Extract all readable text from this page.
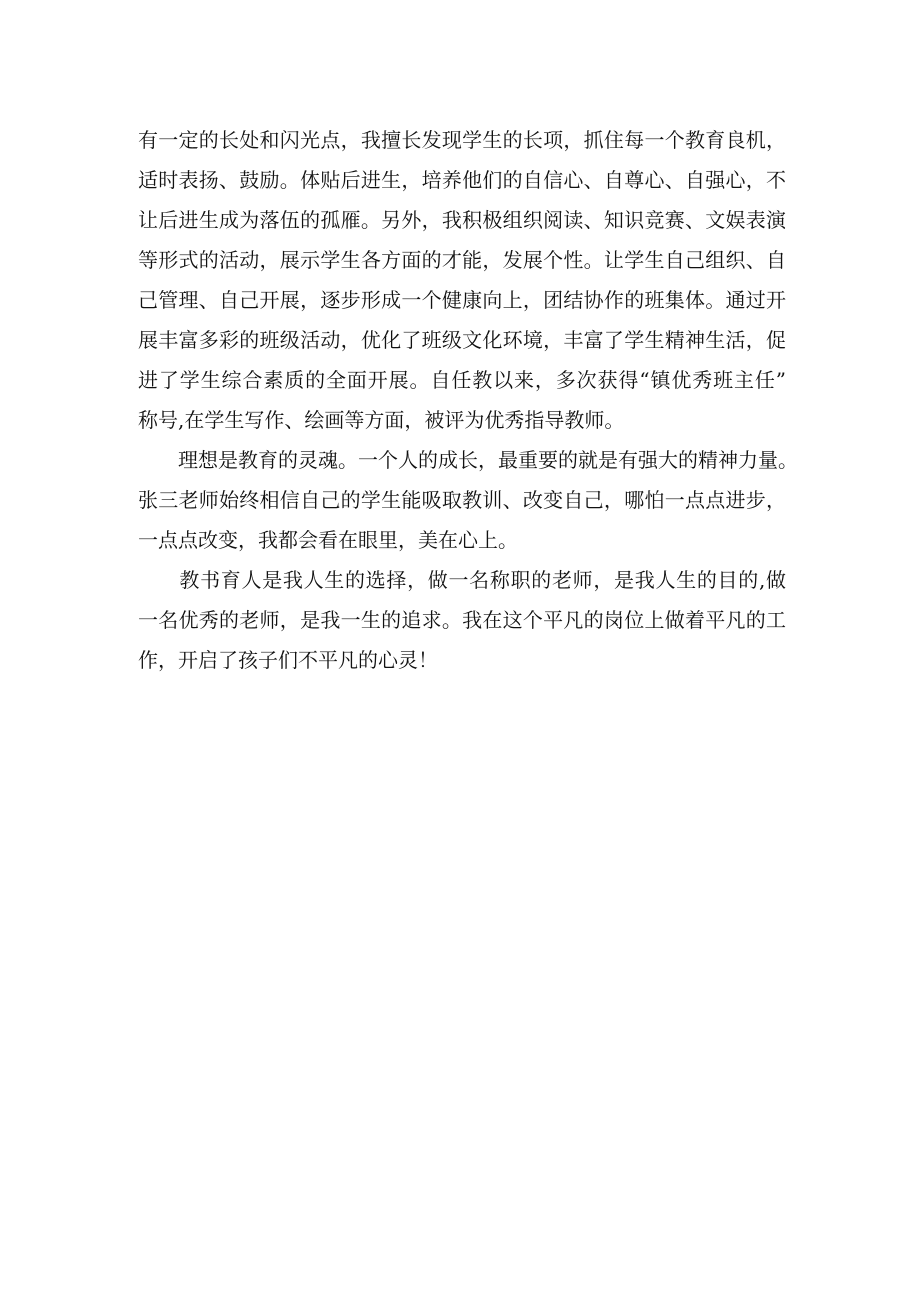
有一定的长处和闪光点，我擅长发现学生的长项，抓住每一个教育良机，
适时表扬、鼓励。体贴后进生，培养他们的自信心、自尊心、自强心，不
让后进生成为落伍的孤雁。另外，我积极组织阅读、知识竞赛、文娱表演
等形式的活动，展示学生各方面的才能，发展个性。让学生自己组织、自
己管理、自己开展，逐步形成一个健康向上，团结协作的班集体。通过开
展丰富多彩的班级活动，优化了班级文化环境，丰富了学生精神生活，促
进了学生综合素质的全面开展。自任教以来，多次获得“镇优秀班主任”
称号,在学生写作、绘画等方面，被评为优秀指导教师。
　　理想是教育的灵魂。一个人的成长，最重要的就是有强大的精神力量。
张三老师始终相信自己的学生能吸取教训、改变自己，哪怕一点点进步，
一点点改变，我都会看在眼里，美在心上。
　　教书育人是我人生的选择，做一名称职的老师，是我人生的目的,做
一名优秀的老师，是我一生的追求。我在这个平凡的岗位上做着平凡的工
作，开启了孩子们不平凡的心灵！
